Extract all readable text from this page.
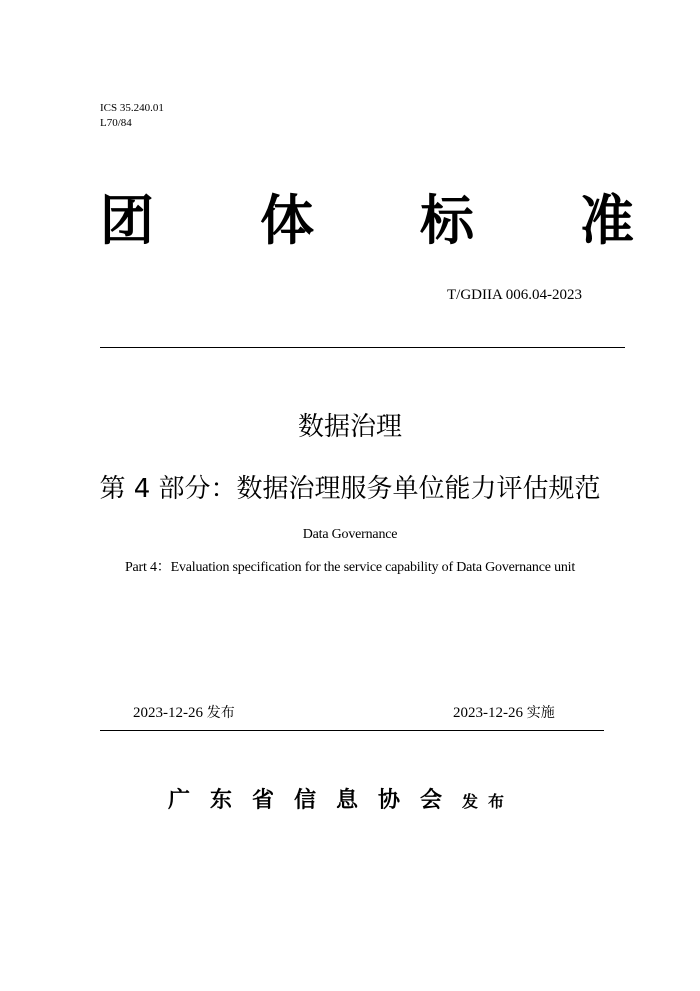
ICS 35.240.01
L70/84
团 体 标 准
T/GDIIA 006.04-2023
数据治理
第 4 部分：数据治理服务单位能力评估规范
Data Governance
Part 4：Evaluation specification for the service capability of Data Governance unit
2023-12-26 发布	2023-12-26 实施
广东省信息协会发布
